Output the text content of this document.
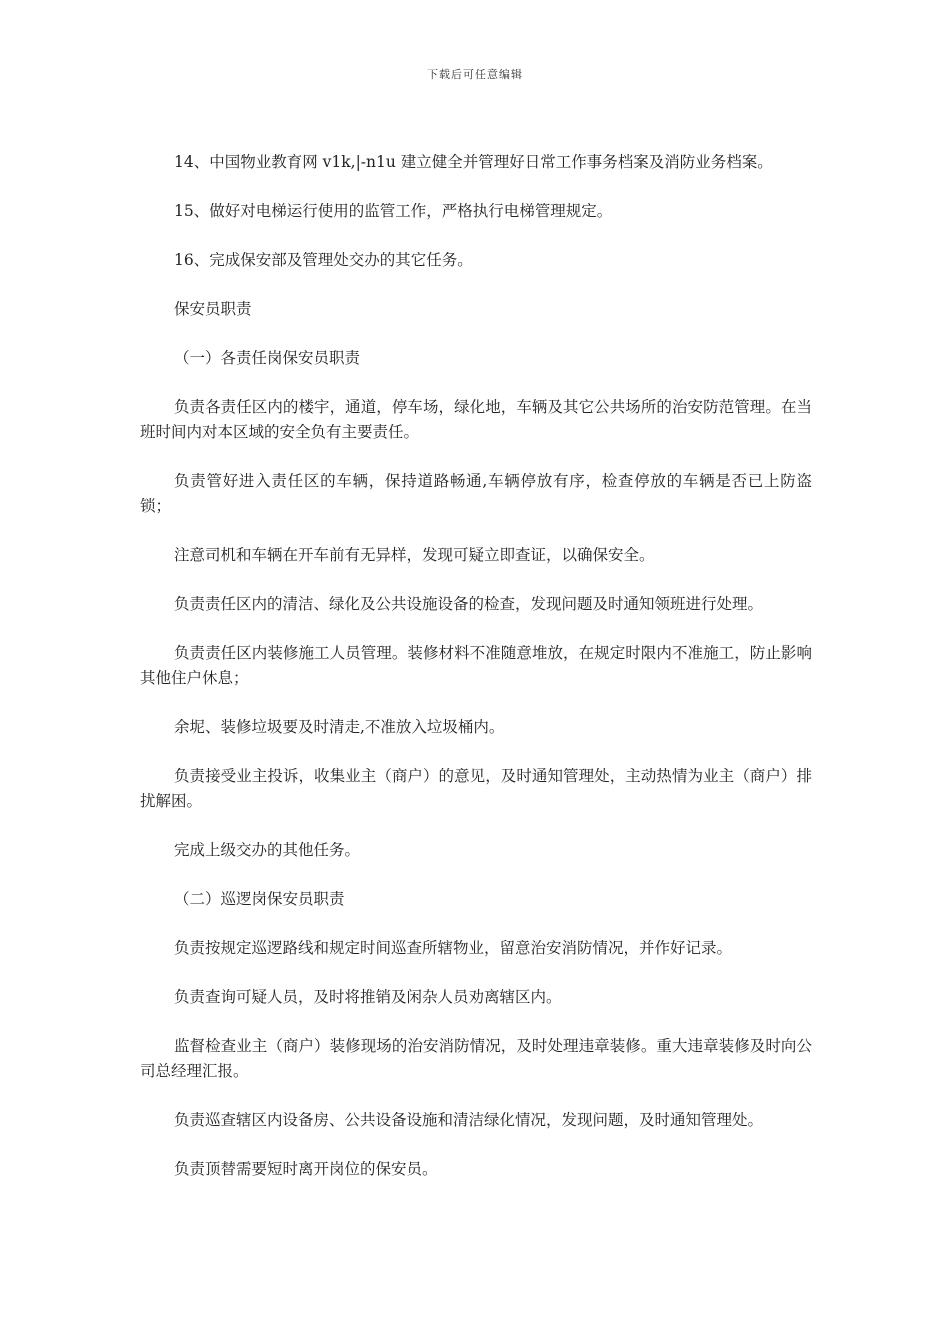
下载后可任意编辑

14、中国物业教育网 v1k,|-n1u 建立健全并管理好日常工作事务档案及消防业务档案。

15、做好对电梯运行使用的监管工作，严格执行电梯管理规定。

16、完成保安部及管理处交办的其它任务。

保安员职责

（一）各责任岗保安员职责

负责各责任区内的楼宇，通道，停车场，绿化地，车辆及其它公共场所的治安防范管理。在当班时间内对本区域的安全负有主要责任。

负责管好进入责任区的车辆，保持道路畅通,车辆停放有序，检查停放的车辆是否已上防盗锁；

注意司机和车辆在开车前有无异样，发现可疑立即查证，以确保安全。

负责责任区内的清洁、绿化及公共设施设备的检查，发现问题及时通知领班进行处理。

负责责任区内装修施工人员管理。装修材料不准随意堆放，在规定时限内不准施工，防止影响其他住户休息；

余坭、装修垃圾要及时清走,不准放入垃圾桶内。

负责接受业主投诉，收集业主（商户）的意见，及时通知管理处，主动热情为业主（商户）排扰解困。

完成上级交办的其他任务。

（二）巡逻岗保安员职责

负责按规定巡逻路线和规定时间巡查所辖物业，留意治安消防情况，并作好记录。

负责查询可疑人员，及时将推销及闲杂人员劝离辖区内。

监督检查业主（商户）装修现场的治安消防情况，及时处理违章装修。重大违章装修及时向公司总经理汇报。

负责巡查辖区内设备房、公共设备设施和清洁绿化情况，发现问题，及时通知管理处。

负责顶替需要短时离开岗位的保安员。
